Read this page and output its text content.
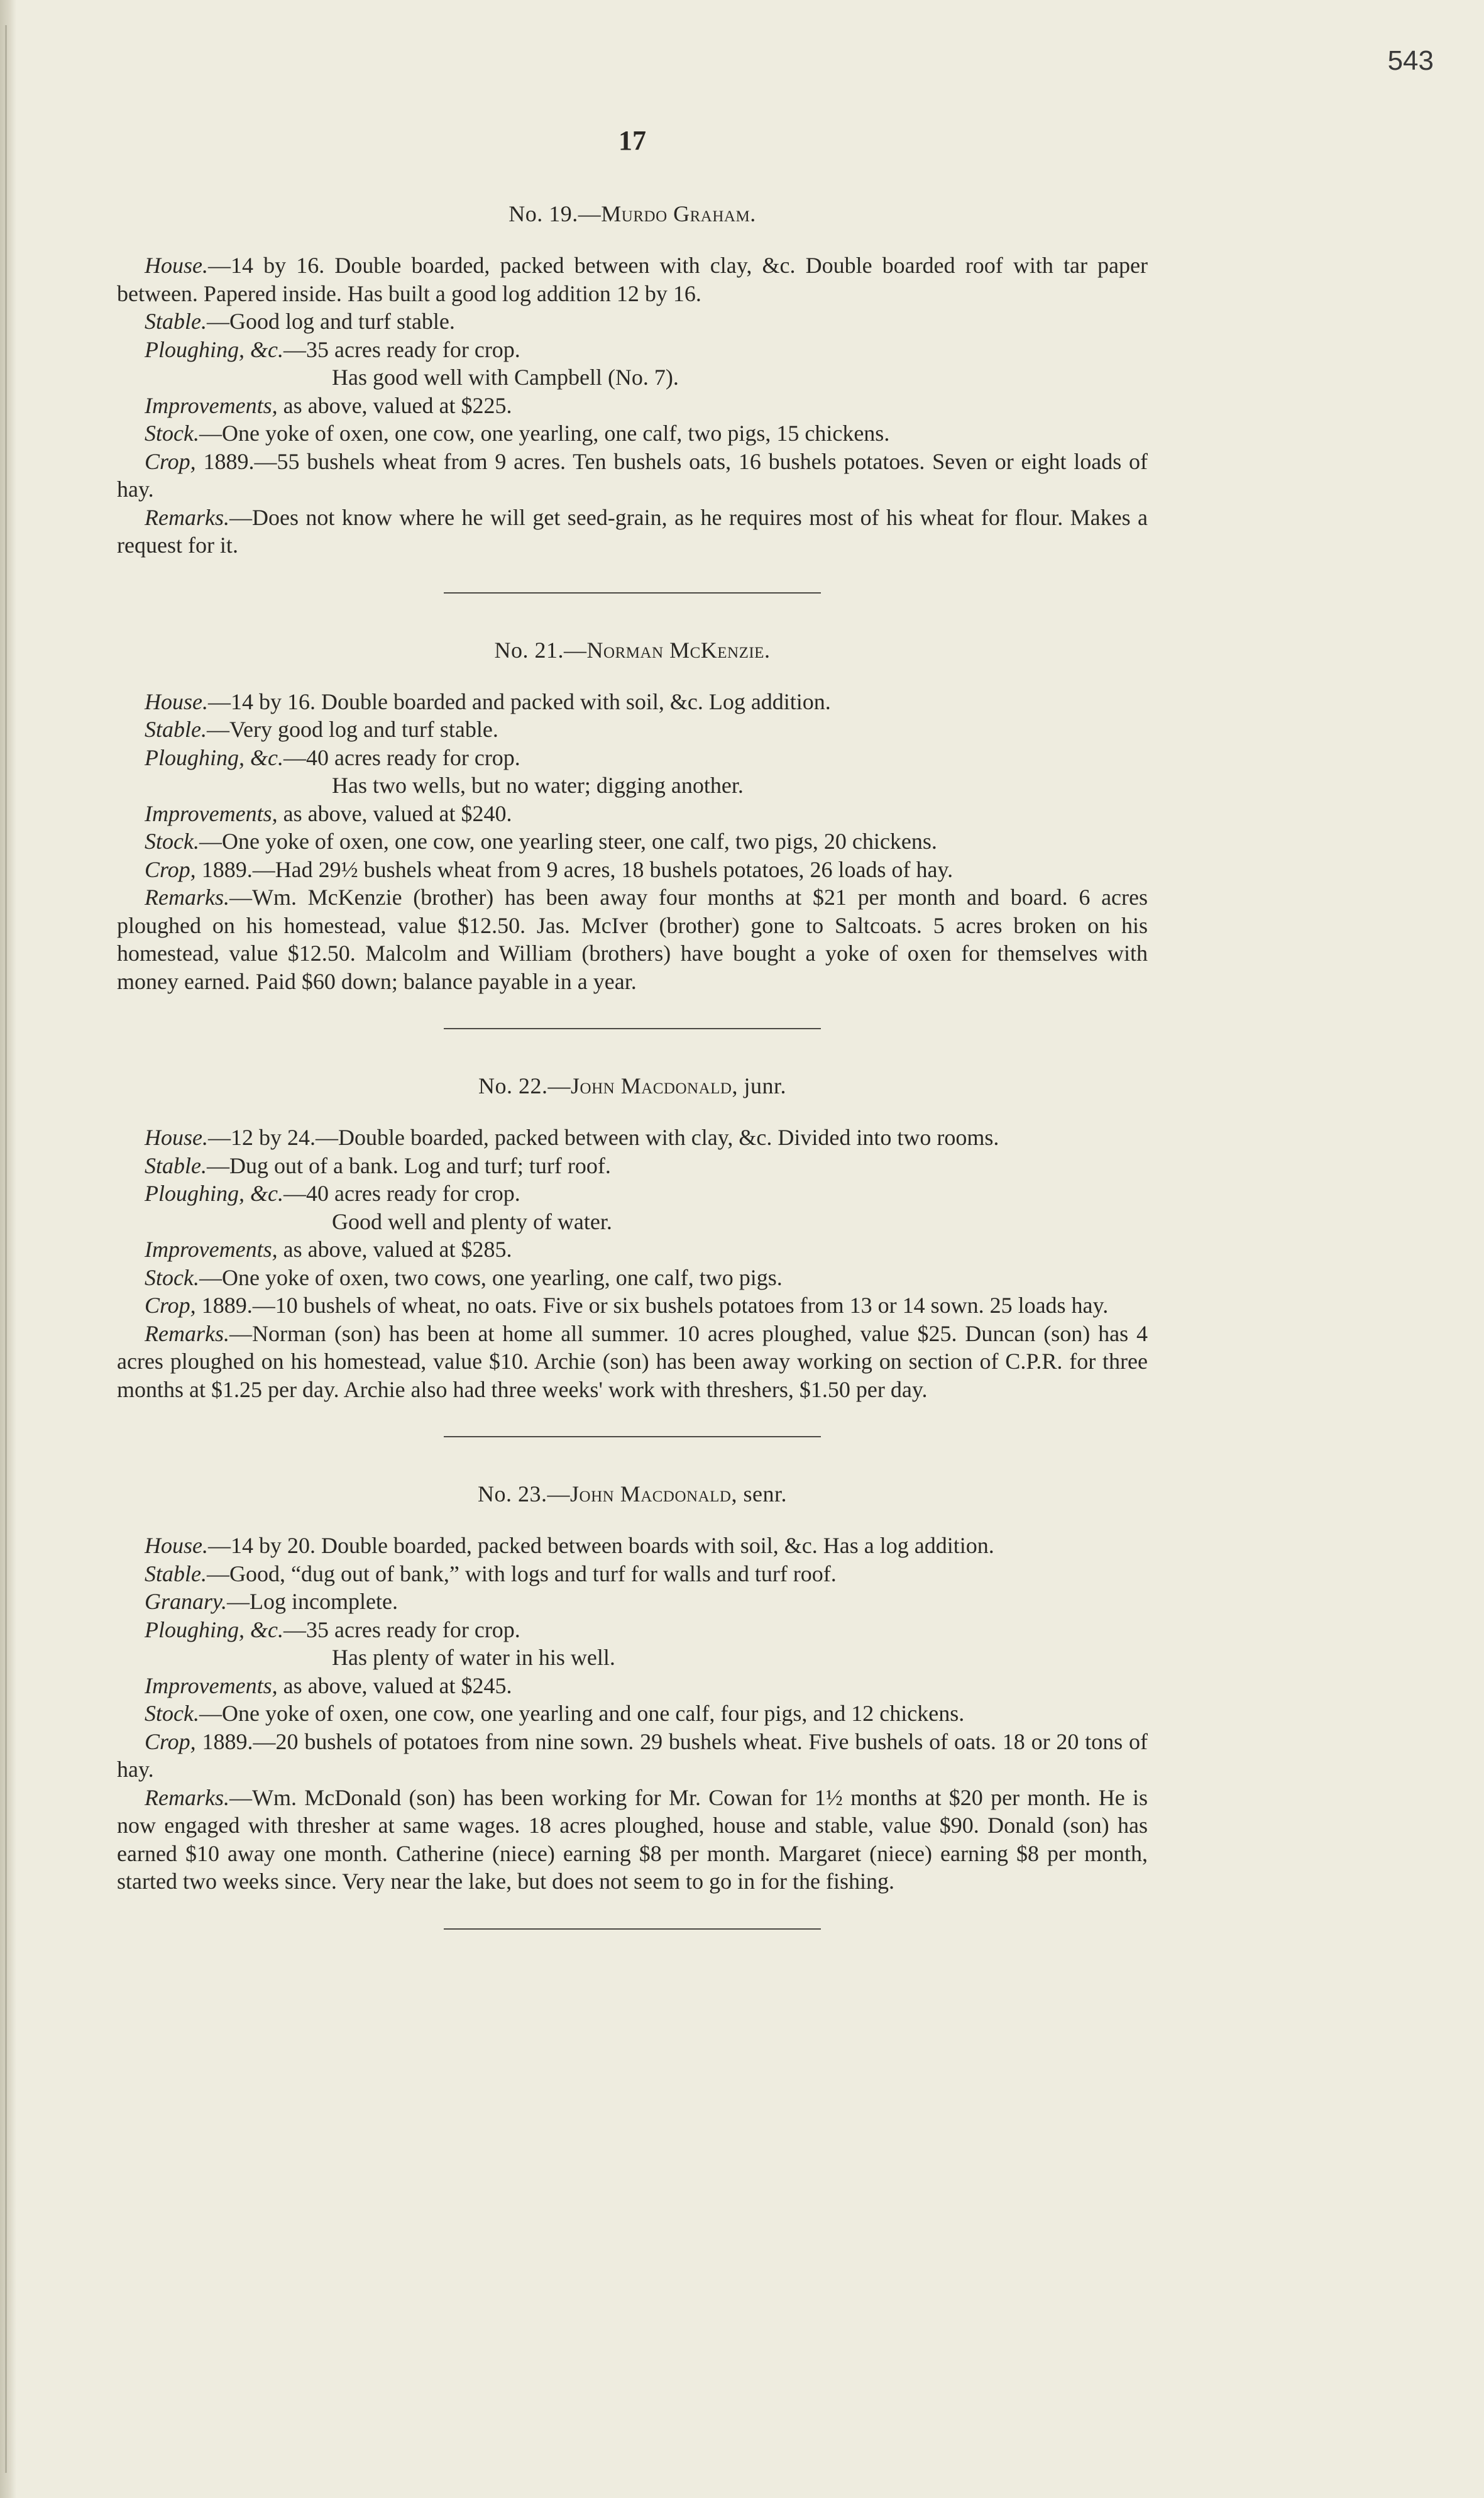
543
17
No. 19.—Murdo Graham.

House.—14 by 16. Double boarded, packed between with clay, &c. Double boarded roof with tar paper between. Papered inside. Has built a good log addition 12 by 16.

Stable.—Good log and turf stable.

Ploughing, &c.—35 acres ready for crop.

Has good well with Campbell (No. 7).

Improvements, as above, valued at $225.

Stock.—One yoke of oxen, one cow, one yearling, one calf, two pigs, 15 chickens.

Crop, 1889.—55 bushels wheat from 9 acres. Ten bushels oats, 16 bushels potatoes. Seven or eight loads of hay.

Remarks.—Does not know where he will get seed-grain, as he requires most of his wheat for flour. Makes a request for it.

No. 21.—Norman McKenzie.

House.—14 by 16. Double boarded and packed with soil, &c. Log addition.

Stable.—Very good log and turf stable.

Ploughing, &c.—40 acres ready for crop.

Has two wells, but no water; digging another.

Improvements, as above, valued at $240.

Stock.—One yoke of oxen, one cow, one yearling steer, one calf, two pigs, 20 chickens.

Crop, 1889.—Had 29½ bushels wheat from 9 acres, 18 bushels potatoes, 26 loads of hay.

Remarks.—Wm. McKenzie (brother) has been away four months at $21 per month and board. 6 acres ploughed on his homestead, value $12.50. Jas. McIver (brother) gone to Saltcoats. 5 acres broken on his homestead, value $12.50. Malcolm and William (brothers) have bought a yoke of oxen for themselves with money earned. Paid $60 down; balance payable in a year.

No. 22.—John Macdonald, junr.

House.—12 by 24.—Double boarded, packed between with clay, &c. Divided into two rooms.

Stable.—Dug out of a bank. Log and turf; turf roof.

Ploughing, &c.—40 acres ready for crop.

Good well and plenty of water.

Improvements, as above, valued at $285.

Stock.—One yoke of oxen, two cows, one yearling, one calf, two pigs.

Crop, 1889.—10 bushels of wheat, no oats. Five or six bushels potatoes from 13 or 14 sown. 25 loads hay.

Remarks.—Norman (son) has been at home all summer. 10 acres ploughed, value $25. Duncan (son) has 4 acres ploughed on his homestead, value $10. Archie (son) has been away working on section of C.P.R. for three months at $1.25 per day. Archie also had three weeks' work with threshers, $1.50 per day.

No. 23.—John Macdonald, senr.

House.—14 by 20. Double boarded, packed between boards with soil, &c. Has a log addition.

Stable.—Good, “dug out of bank,” with logs and turf for walls and turf roof.

Granary.—Log incomplete.

Ploughing, &c.—35 acres ready for crop.

Has plenty of water in his well.

Improvements, as above, valued at $245.

Stock.—One yoke of oxen, one cow, one yearling and one calf, four pigs, and 12 chickens.

Crop, 1889.—20 bushels of potatoes from nine sown. 29 bushels wheat. Five bushels of oats. 18 or 20 tons of hay.

Remarks.—Wm. McDonald (son) has been working for Mr. Cowan for 1½ months at $20 per month. He is now engaged with thresher at same wages. 18 acres ploughed, house and stable, value $90. Donald (son) has earned $10 away one month. Catherine (niece) earning $8 per month. Margaret (niece) earning $8 per month, started two weeks since. Very near the lake, but does not seem to go in for the fishing.
